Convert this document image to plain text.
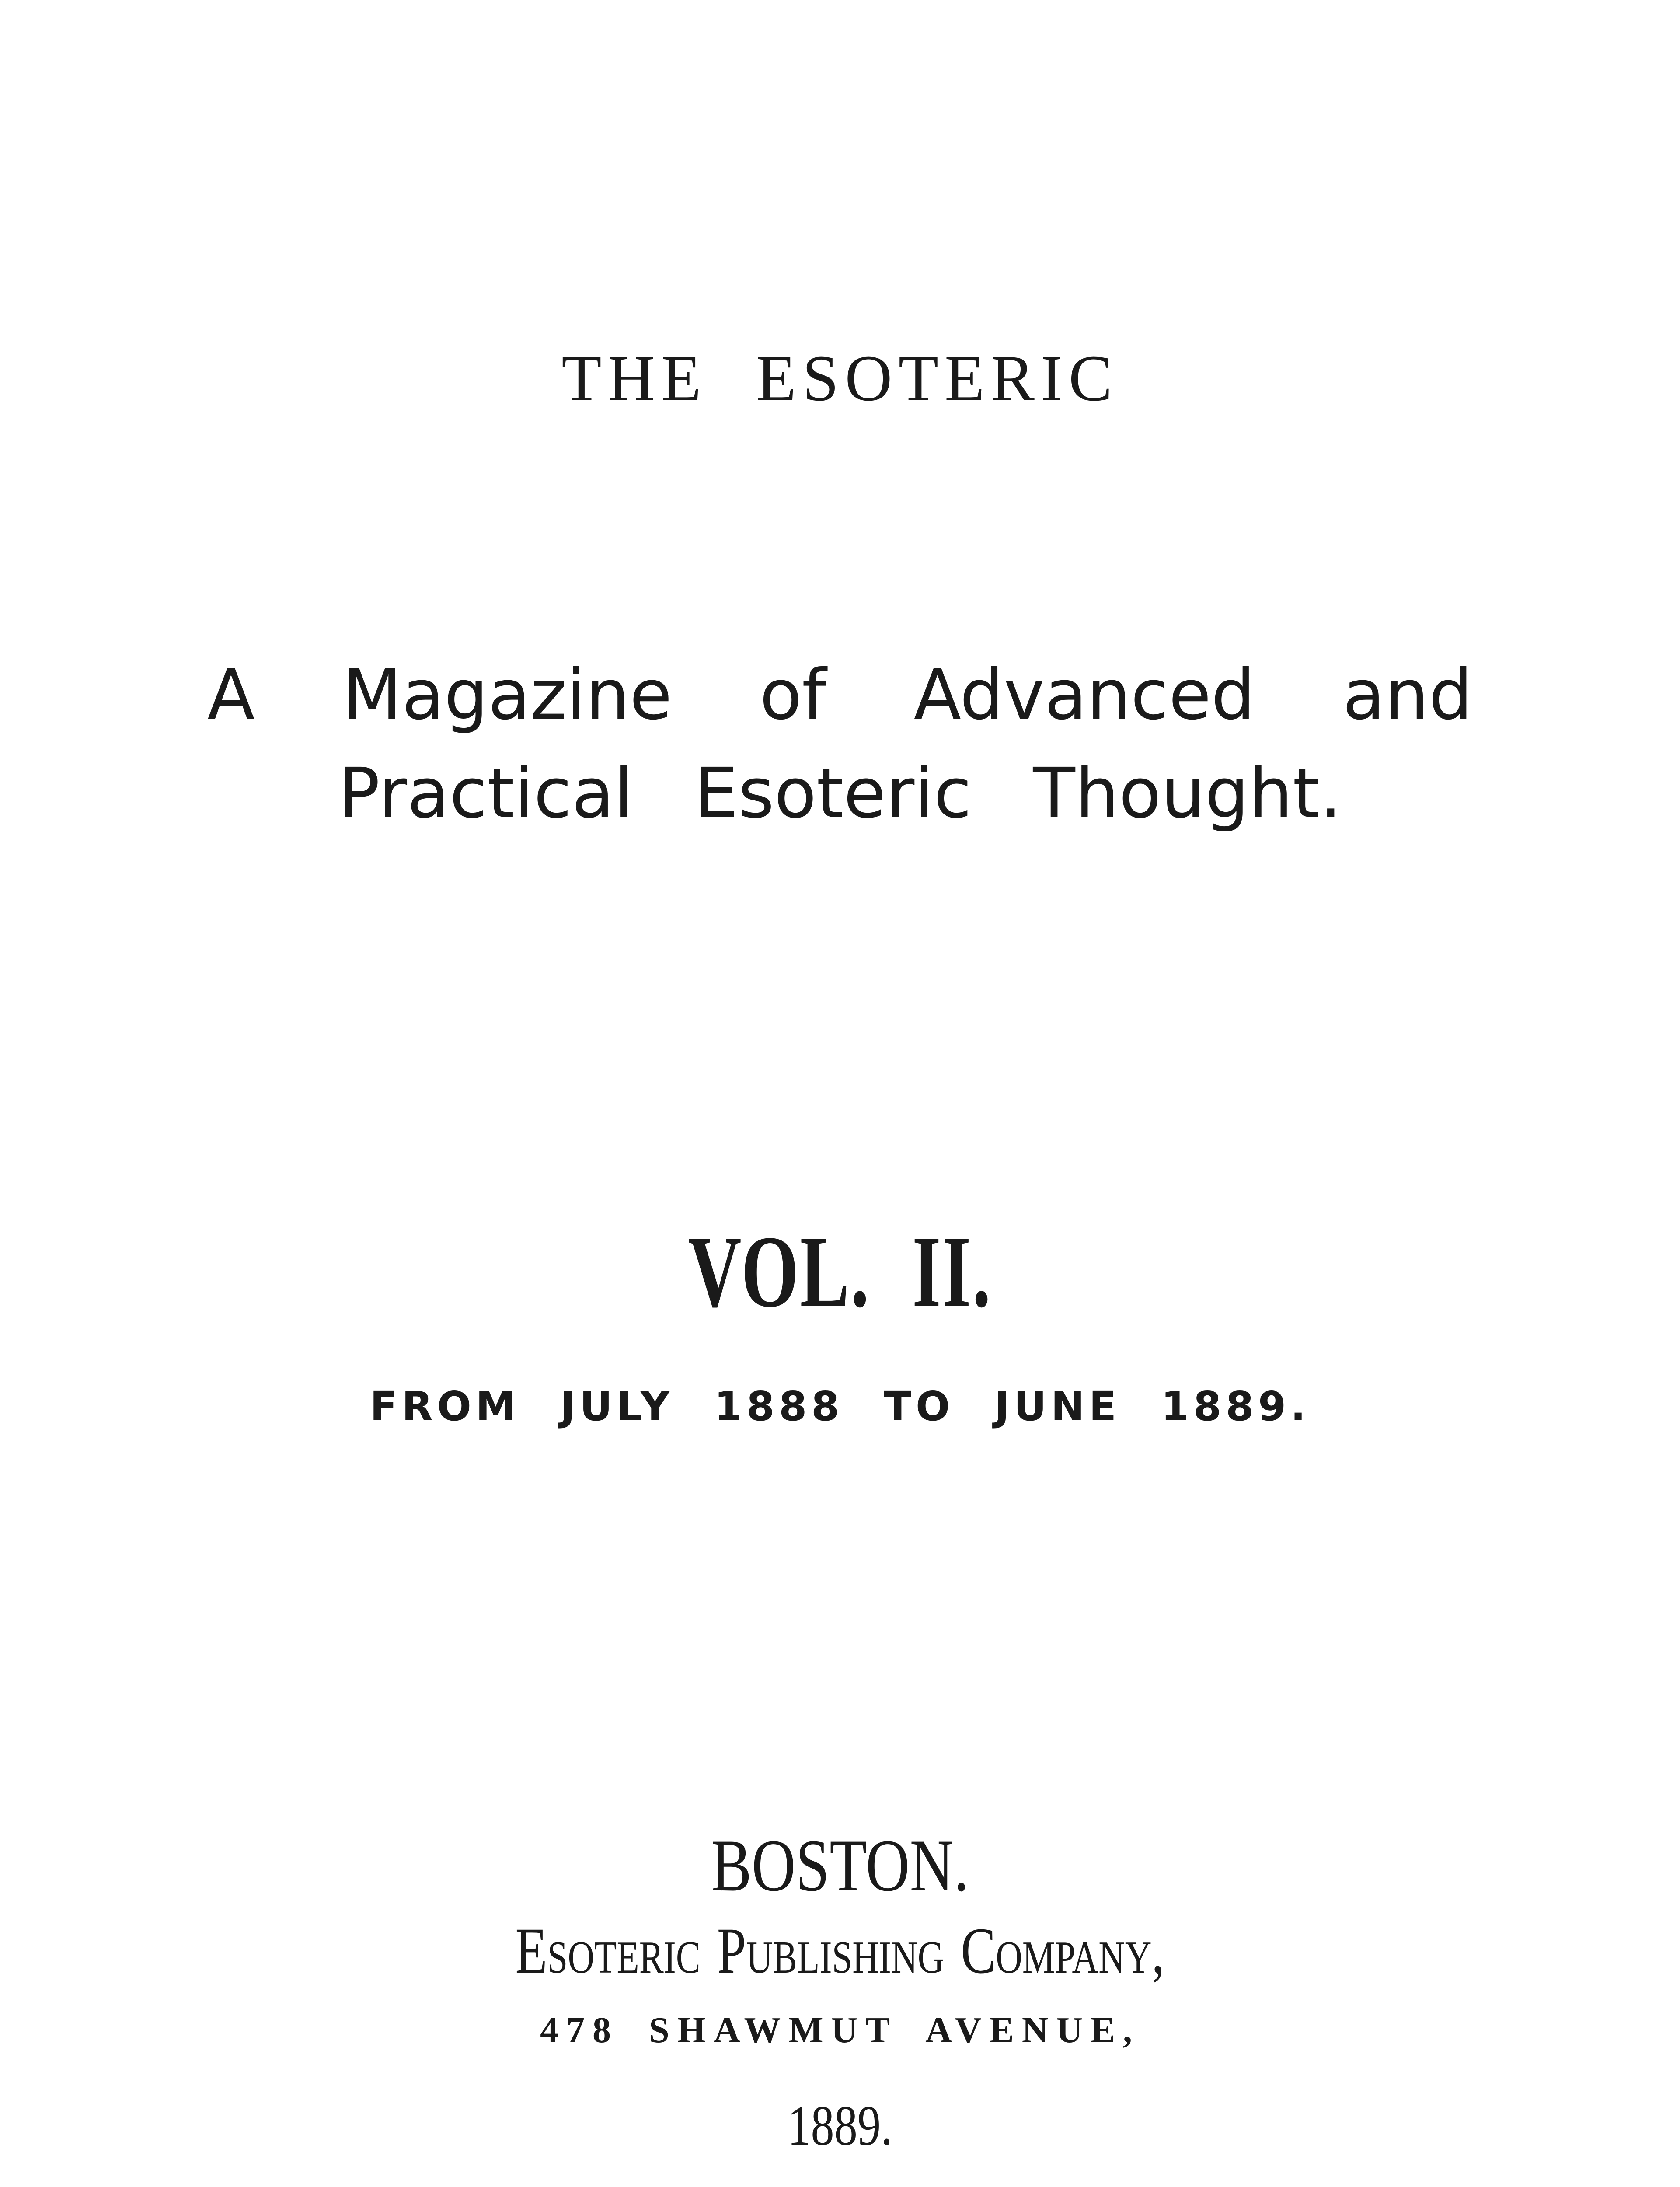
THE ESOTERIC

A Magazine of Advanced and

Practical Esoteric Thought.

VOL. II.

FROM JULY 1888 TO JUNE 1889.

BOSTON.

Esoteric Publishing Company,

478 SHAWMUT AVENUE,

1889.
